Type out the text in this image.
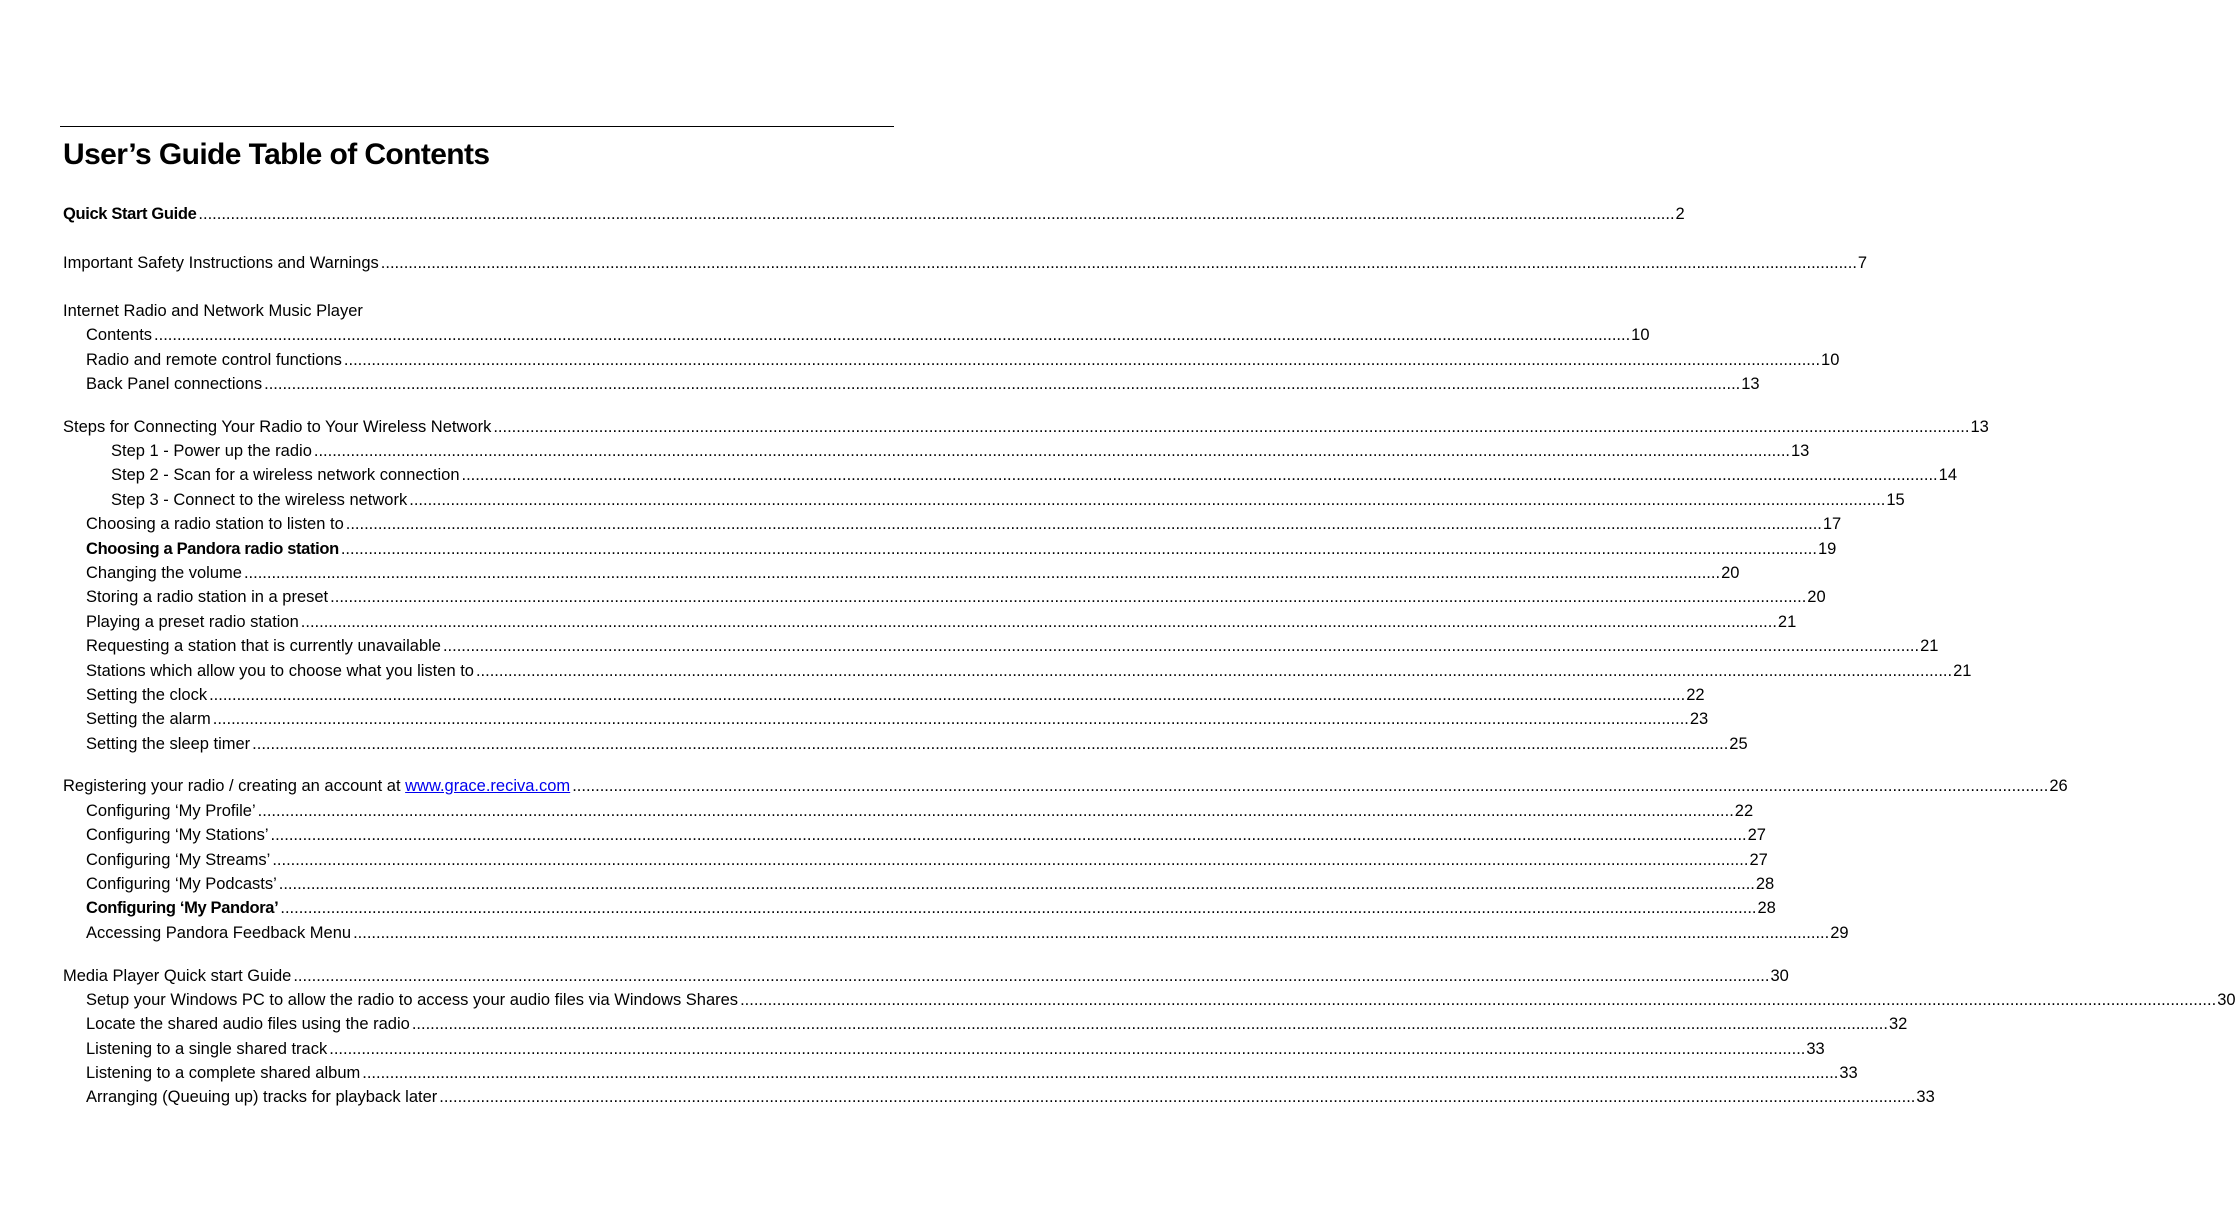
User’s Guide Table of Contents
Quick Start Guide .................................................................................................................................................................................................................................................................................................................................. 2
Important Safety Instructions and Warnings .................................................................................................................................................................................................................................................................................................................................. 7
Internet Radio and Network Music Player
Contents .................................................................................................................................................................................................................................................................................................................................. 10
Radio and remote control functions .................................................................................................................................................................................................................................................................................................................................. 10
Back Panel connections .................................................................................................................................................................................................................................................................................................................................. 13
Steps for Connecting Your Radio to Your Wireless Network .................................................................................................................................................................................................................................................................................................................................. 13
Step 1 - Power up the radio .................................................................................................................................................................................................................................................................................................................................. 13
Step 2 - Scan for a wireless network connection .................................................................................................................................................................................................................................................................................................................................. 14
Step 3 - Connect to the wireless network .................................................................................................................................................................................................................................................................................................................................. 15
Choosing a radio station to listen to .................................................................................................................................................................................................................................................................................................................................. 17
Choosing a Pandora radio station .................................................................................................................................................................................................................................................................................................................................. 19
Changing the volume .................................................................................................................................................................................................................................................................................................................................. 20
Storing a radio station in a preset .................................................................................................................................................................................................................................................................................................................................. 20
Playing a preset radio station .................................................................................................................................................................................................................................................................................................................................. 21
Requesting a station that is currently unavailable .................................................................................................................................................................................................................................................................................................................................. 21
Stations which allow you to choose what you listen to .................................................................................................................................................................................................................................................................................................................................. 21
Setting the clock .................................................................................................................................................................................................................................................................................................................................. 22
Setting the alarm .................................................................................................................................................................................................................................................................................................................................. 23
Setting the sleep timer .................................................................................................................................................................................................................................................................................................................................. 25
Registering your radio / creating an account at www.grace.reciva.com .................................................................................................................................................................................................................................................................................................................................. 26
Configuring ‘My Profile’ .................................................................................................................................................................................................................................................................................................................................. 22
Configuring ‘My Stations’ .................................................................................................................................................................................................................................................................................................................................. 27
Configuring ‘My Streams’ .................................................................................................................................................................................................................................................................................................................................. 27
Configuring ‘My Podcasts’ .................................................................................................................................................................................................................................................................................................................................. 28
Configuring ‘My Pandora’ .................................................................................................................................................................................................................................................................................................................................. 28
Accessing Pandora Feedback Menu .................................................................................................................................................................................................................................................................................................................................. 29
Media Player Quick start Guide .................................................................................................................................................................................................................................................................................................................................. 30
Setup your Windows PC to allow the radio to access your audio files via Windows Shares .................................................................................................................................................................................................................................................................................................................................. 30
Locate the shared audio files using the radio .................................................................................................................................................................................................................................................................................................................................. 32
Listening to a single shared track .................................................................................................................................................................................................................................................................................................................................. 33
Listening to a complete shared album .................................................................................................................................................................................................................................................................................................................................. 33
Arranging (Queuing up) tracks for playback later .................................................................................................................................................................................................................................................................................................................................. 33
